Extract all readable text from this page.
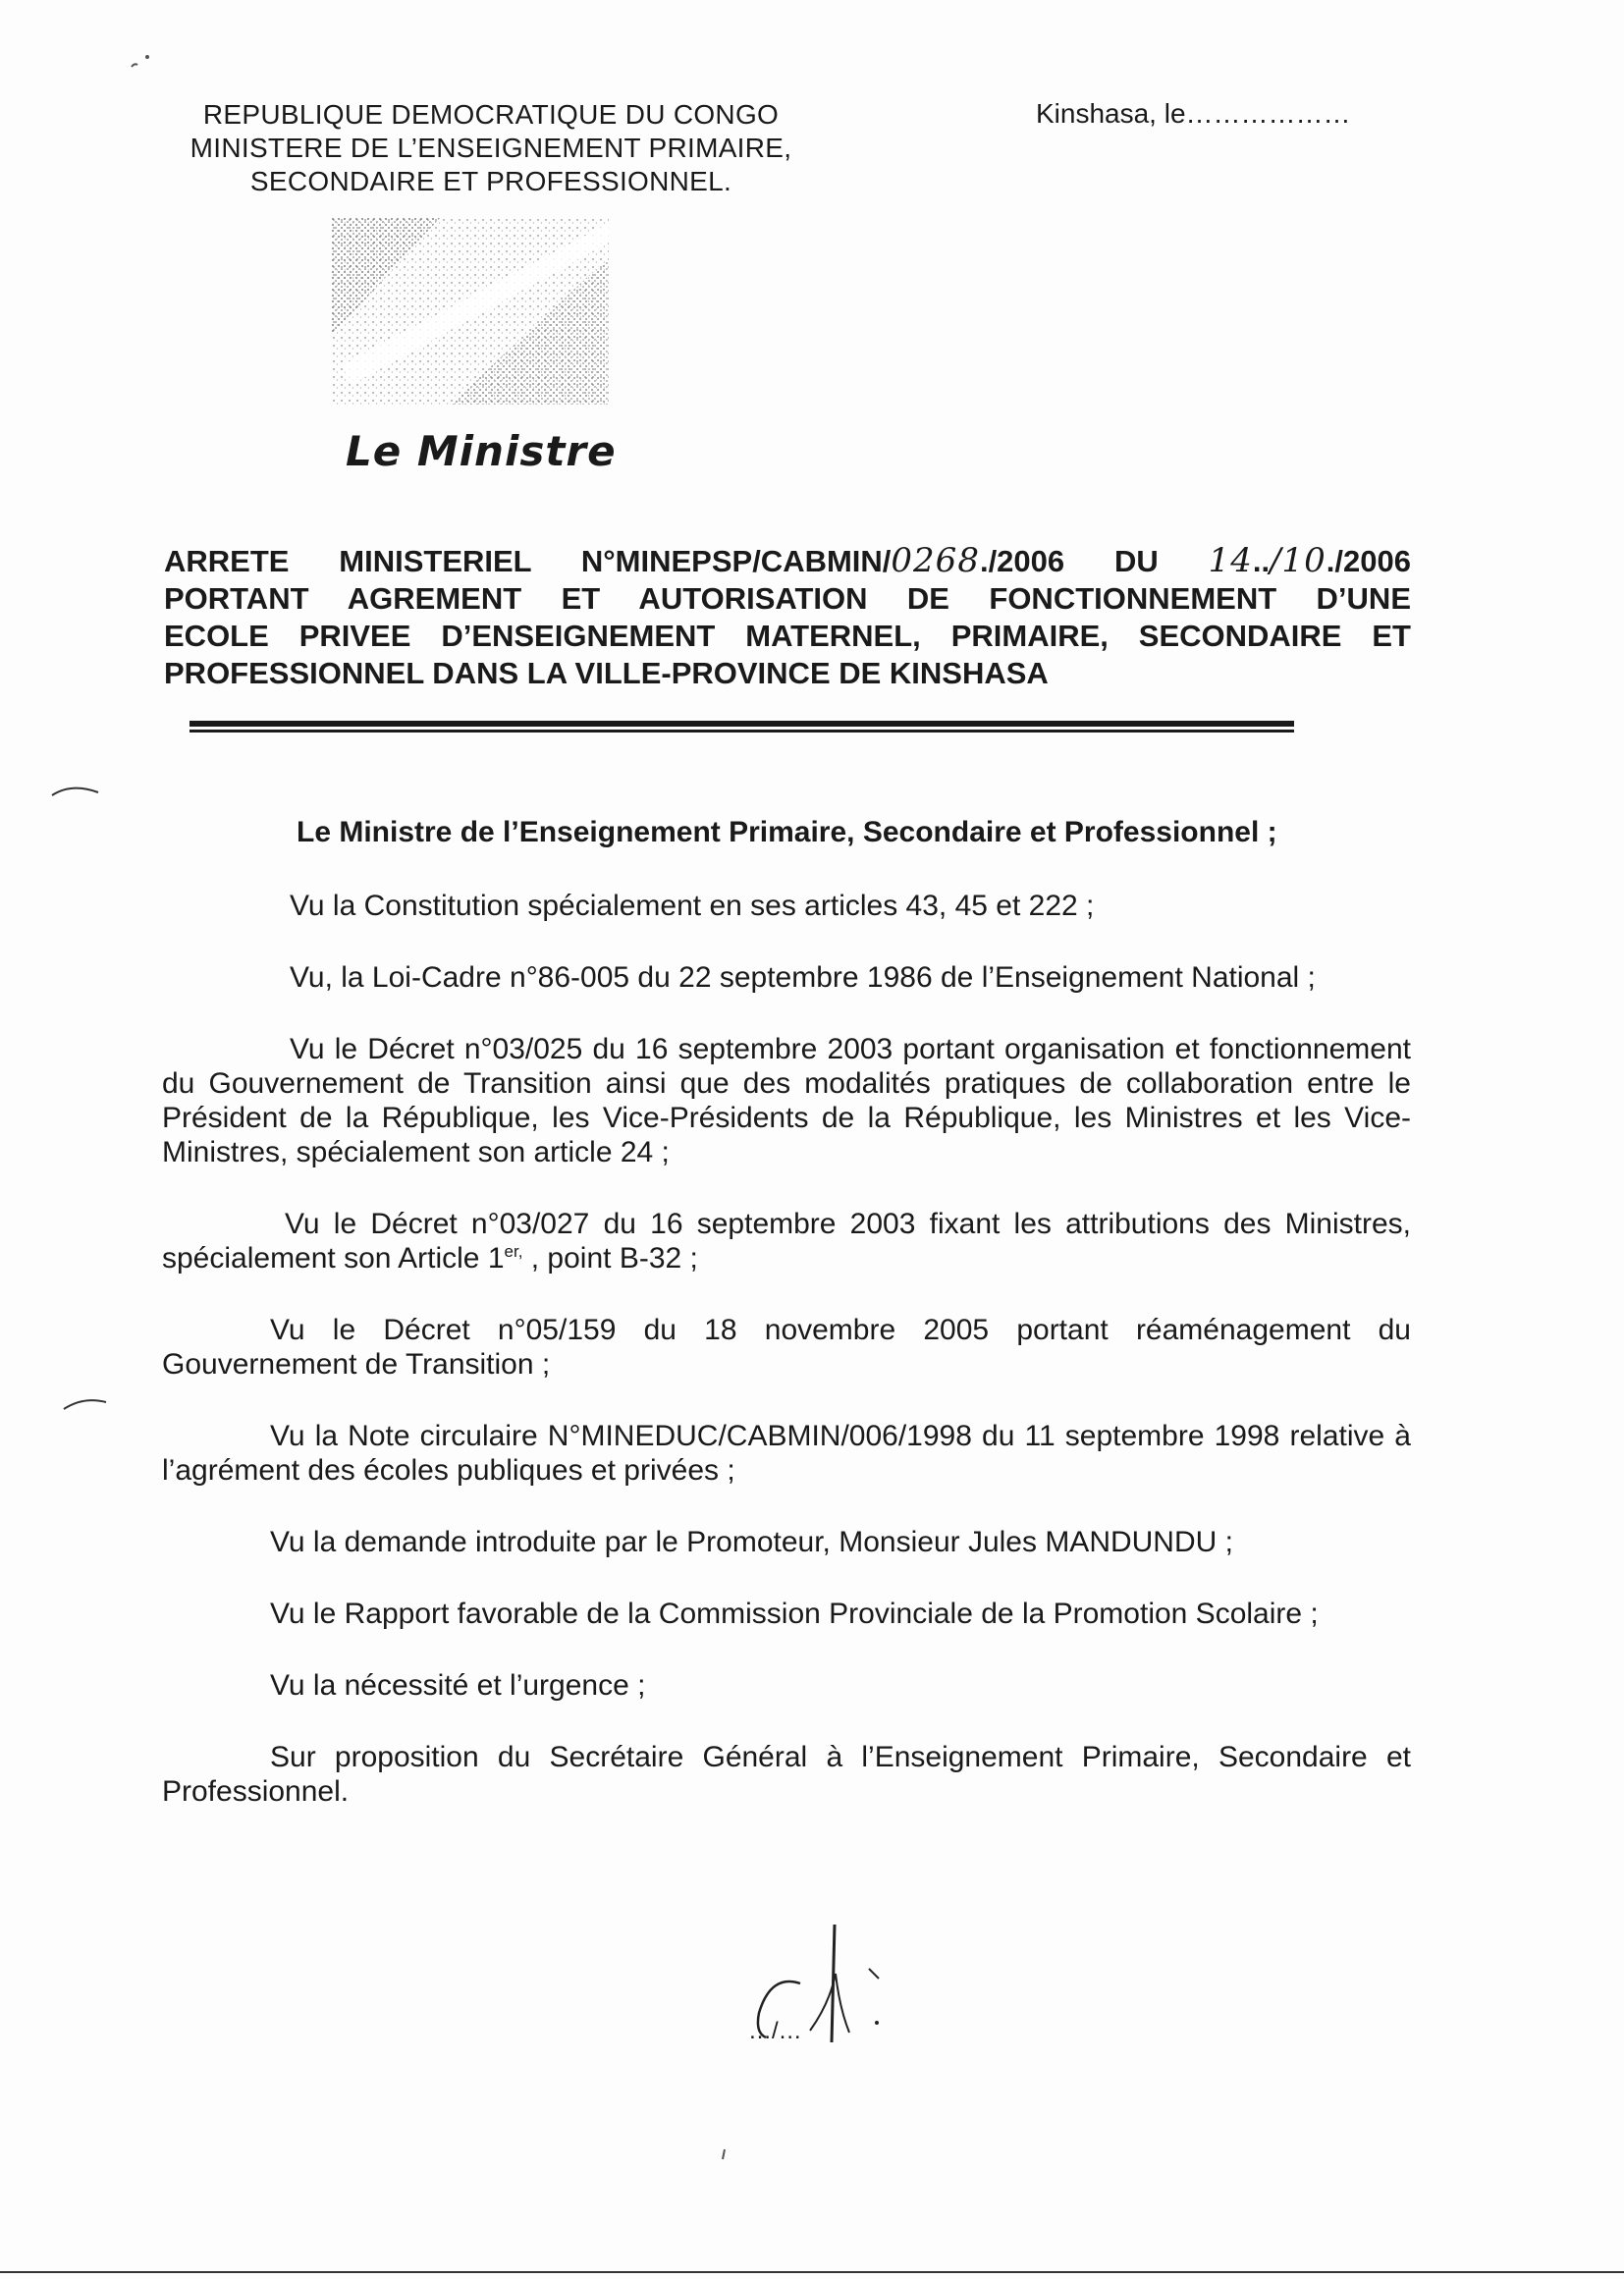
REPUBLIQUE DEMOCRATIQUE DU CONGO
MINISTERE DE L’ENSEIGNEMENT PRIMAIRE,
SECONDAIRE ET PROFESSIONNEL.
Kinshasa, le………………
Le Ministre
ARRETE MINISTERIEL N°MINEPSP/CABMIN/0268./2006 DU 14../10./2006
PORTANT AGREMENT ET AUTORISATION DE FONCTIONNEMENT D’UNE
ECOLE PRIVEE D’ENSEIGNEMENT MATERNEL, PRIMAIRE, SECONDAIRE ET
PROFESSIONNEL DANS LA VILLE-PROVINCE DE KINSHASA

Le Ministre de l’Enseignement Primaire, Secondaire et Professionnel ;

Vu la Constitution spécialement en ses articles 43, 45 et 222 ;

Vu, la Loi-Cadre n°86-005 du 22 septembre 1986 de l’Enseignement National ;

Vu le Décret n°03/025 du 16 septembre 2003 portant organisation et fonctionnement du Gouvernement de Transition ainsi que des modalités pratiques de collaboration entre le Président de la République, les Vice-Présidents de la République, les Ministres et les Vice-Ministres, spécialement son article 24 ;

Vu le Décret n°03/027 du 16 septembre 2003 fixant les attributions des Ministres, spécialement son Article $1^{er,}$ , point B-32 ;

Vu le Décret n°05/159 du 18 novembre 2005 portant réaménagement du Gouvernement de Transition ;

Vu la Note circulaire N°MINEDUC/CABMIN/006/1998 du 11 septembre 1998 relative à l’agrément des écoles publiques et privées ;

Vu la demande introduite par le Promoteur, Monsieur Jules MANDUNDU ;

Vu le Rapport favorable de la Commission Provinciale de la Promotion Scolaire ;

Vu la nécessité et l’urgence ;

Sur proposition du Secrétaire Général à l’Enseignement Primaire, Secondaire et Professionnel.

…/…
